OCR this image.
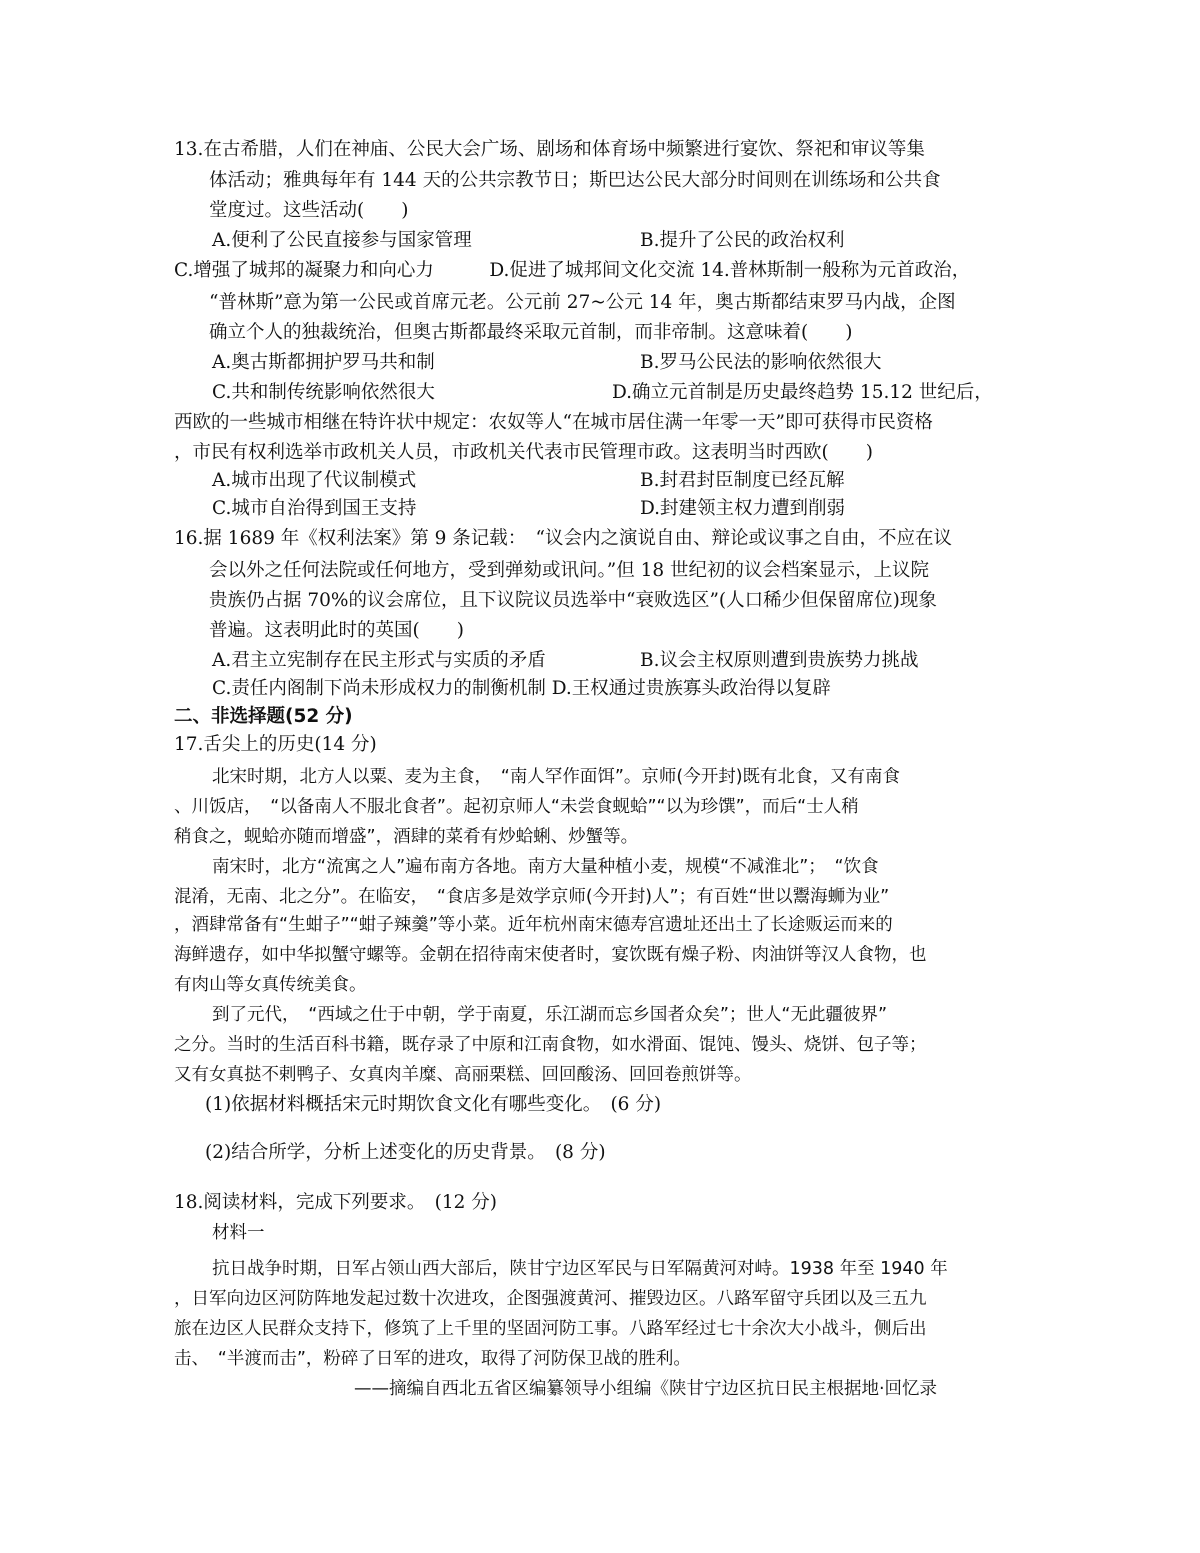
13.在古希腊，人们在神庙、公民大会广场、剧场和体育场中频繁进行宴饮、祭祀和审议等集
体活动；雅典每年有 144 天的公共宗教节日；斯巴达公民大部分时间则在训练场和公共食
堂度过。这些活动(　　)
A.便利了公民直接参与国家管理	B.提升了公民的政治权利
C.增强了城邦的凝聚力和向心力　　　D.促进了城邦间文化交流 14.普林斯制一般称为元首政治，
“普林斯”意为第一公民或首席元老。公元前 27~公元 14 年，奥古斯都结束罗马内战，企图
确立个人的独裁统治，但奥古斯都最终采取元首制，而非帝制。这意味着(　　)
A.奥古斯都拥护罗马共和制	B.罗马公民法的影响依然很大
C.共和制传统影响依然很大	D.确立元首制是历史最终趋势 15.12 世纪后，
西欧的一些城市相继在特许状中规定：农奴等人“在城市居住满一年零一天”即可获得市民资格
，市民有权利选举市政机关人员，市政机关代表市民管理市政。这表明当时西欧(　　)
A.城市出现了代议制模式	B.封君封臣制度已经瓦解
C.城市自治得到国王支持	D.封建领主权力遭到削弱
16.据 1689 年《权利法案》第 9 条记载：　“议会内之演说自由、辩论或议事之自由，不应在议
会以外之任何法院或任何地方，受到弹劾或讯问。”但 18 世纪初的议会档案显示，上议院
贵族仍占据 70%的议会席位，且下议院议员选举中“衰败选区”(人口稀少但保留席位)现象
普遍。这表明此时的英国(　　)
A.君主立宪制存在民主形式与实质的矛盾	B.议会主权原则遭到贵族势力挑战
C.责任内阁制下尚未形成权力的制衡机制 D.王权通过贵族寡头政治得以复辟
二、非选择题(52 分)
17.舌尖上的历史(14 分)
北宋时期，北方人以粟、麦为主食，　“南人罕作面饵”。京师(今开封)既有北食，又有南食
、川饭店，　“以备南人不服北食者”。起初京师人“未尝食蚬蛤”“以为珍馔”，而后“士人稍
稍食之，蚬蛤亦随而增盛”，酒肆的菜肴有炒蛤蜊、炒蟹等。
南宋时，北方“流寓之人”遍布南方各地。南方大量种植小麦，规模“不减淮北”；　“饮食
混淆，无南、北之分”。在临安，　“食店多是效学京师(今开封)人”；有百姓“世以鬻海蛳为业”
，酒肆常备有“生蚶子”“蚶子辣羹”等小菜。近年杭州南宋德寿宫遗址还出土了长途贩运而来的
海鲜遗存，如中华拟蟹守螺等。金朝在招待南宋使者时，宴饮既有燥子粉、肉油饼等汉人食物，也
有肉山等女真传统美食。
到了元代，　“西域之仕于中朝，学于南夏，乐江湖而忘乡国者众矣”；世人“无此疆彼界”
之分。当时的生活百科书籍，既存录了中原和江南食物，如水滑面、馄饨、馒头、烧饼、包子等；
又有女真挞不剌鸭子、女真肉羊糜、高丽栗糕、回回酸汤、回回卷煎饼等。
(1)依据材料概括宋元时期饮食文化有哪些变化。　(6 分)
(2)结合所学，分析上述变化的历史背景。　(8 分)
18.阅读材料，完成下列要求。　(12 分)
材料一
抗日战争时期，日军占领山西大部后，陕甘宁边区军民与日军隔黄河对峙。1938 年至 1940 年
，日军向边区河防阵地发起过数十次进攻，企图强渡黄河、摧毁边区。八路军留守兵团以及三五九
旅在边区人民群众支持下，修筑了上千里的坚固河防工事。八路军经过七十余次大小战斗，侧后出
击、　“半渡而击”，粉碎了日军的进攻，取得了河防保卫战的胜利。
——摘编自西北五省区编纂领导小组编《陕甘宁边区抗日民主根据地·回忆录
